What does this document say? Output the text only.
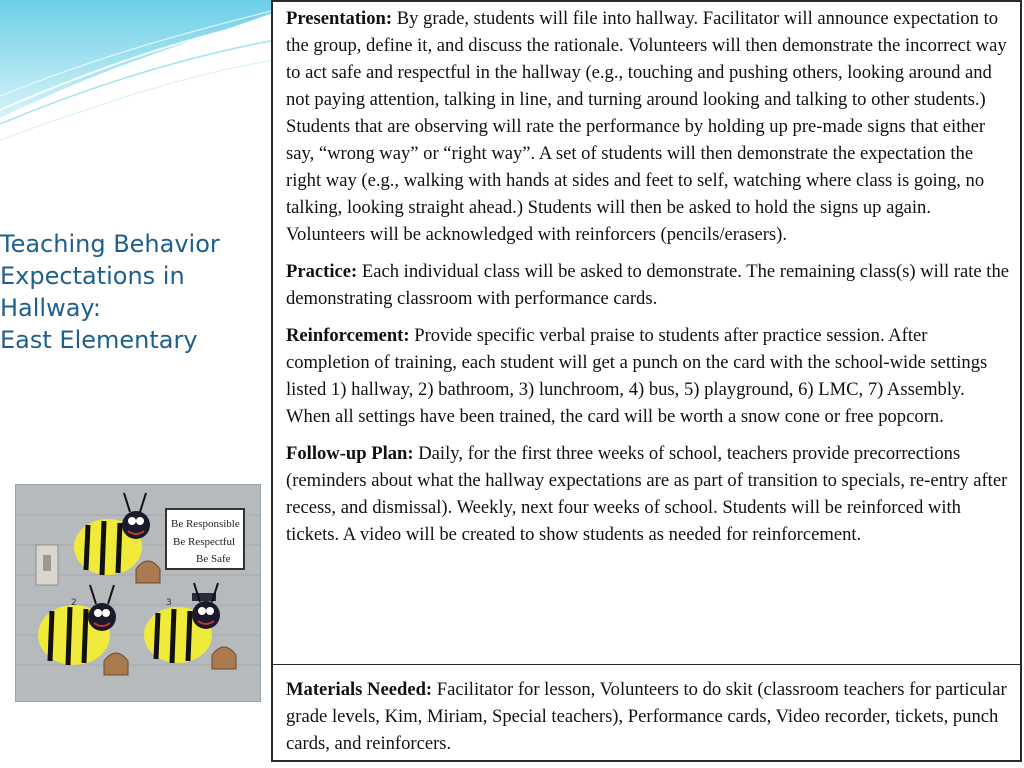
Teaching Behavior
Expectations in
Hallway:
East Elementary
Be Responsible
Be Respectful
Be Safe
2	3

Presentation: By grade, students will file into hallway. Facilitator will announce expectation to the group, define it, and discuss the rationale. Volunteers will then demonstrate the incorrect way to act safe and respectful in the hallway (e.g., touching and pushing others, looking around and not paying attention, talking in line, and turning around looking and talking to other students.) Students that are observing will rate the performance by holding up pre-made signs that either say, “wrong way” or “right way”. A set of students will then demonstrate the expectation the right way (e.g., walking with hands at sides and feet to self, watching where class is going, no talking, looking straight ahead.) Students will then be asked to hold the signs up again. Volunteers will be acknowledged with reinforcers (pencils/erasers).

Practice: Each individual class will be asked to demonstrate. The remaining class(s) will rate the demonstrating classroom with performance cards.

Reinforcement: Provide specific verbal praise to students after practice session. After completion of training, each student will get a punch on the card with the school-wide settings listed 1) hallway, 2) bathroom, 3) lunchroom, 4) bus, 5) playground, 6) LMC, 7) Assembly. When all settings have been trained, the card will be worth a snow cone or free popcorn.

Follow-up Plan: Daily, for the first three weeks of school, teachers provide precorrections (reminders about what the hallway expectations are as part of transition to specials, re-entry after recess, and dismissal). Weekly, next four weeks of school. Students will be reinforced with tickets. A video will be created to show students as needed for reinforcement.

Materials Needed: Facilitator for lesson, Volunteers to do skit (classroom teachers for particular grade levels, Kim, Miriam, Special teachers), Performance cards, Video recorder, tickets, punch cards, and reinforcers.
